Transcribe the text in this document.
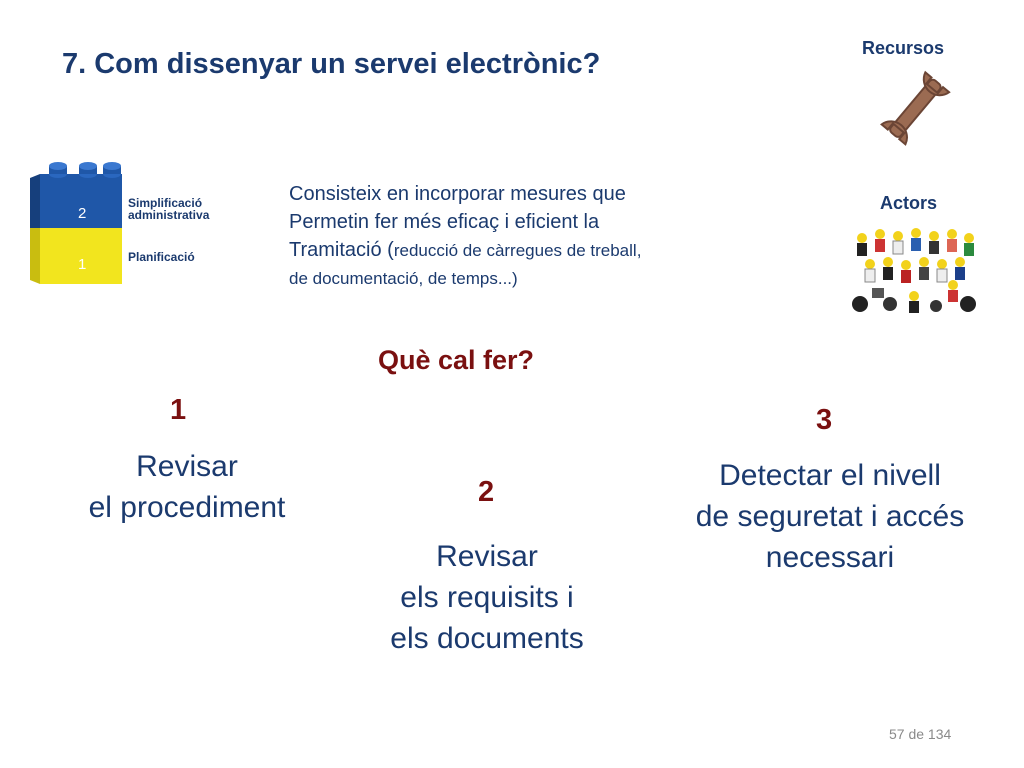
7. Com dissenyar un servei electrònic?	Recursos
Actors
2
1
Simplificació
administrativa
Planificació
Consisteix en incorporar mesures que
Permetin fer més eficaç i eficient la
Tramitació (reducció de càrregues de treball,
de documentació, de temps...)
Què cal fer?
1
Revisar
el procediment	2
Revisar
els requisits i
els documents
3
Detectar el nivell
de seguretat i accés
necessari
57 de 134
